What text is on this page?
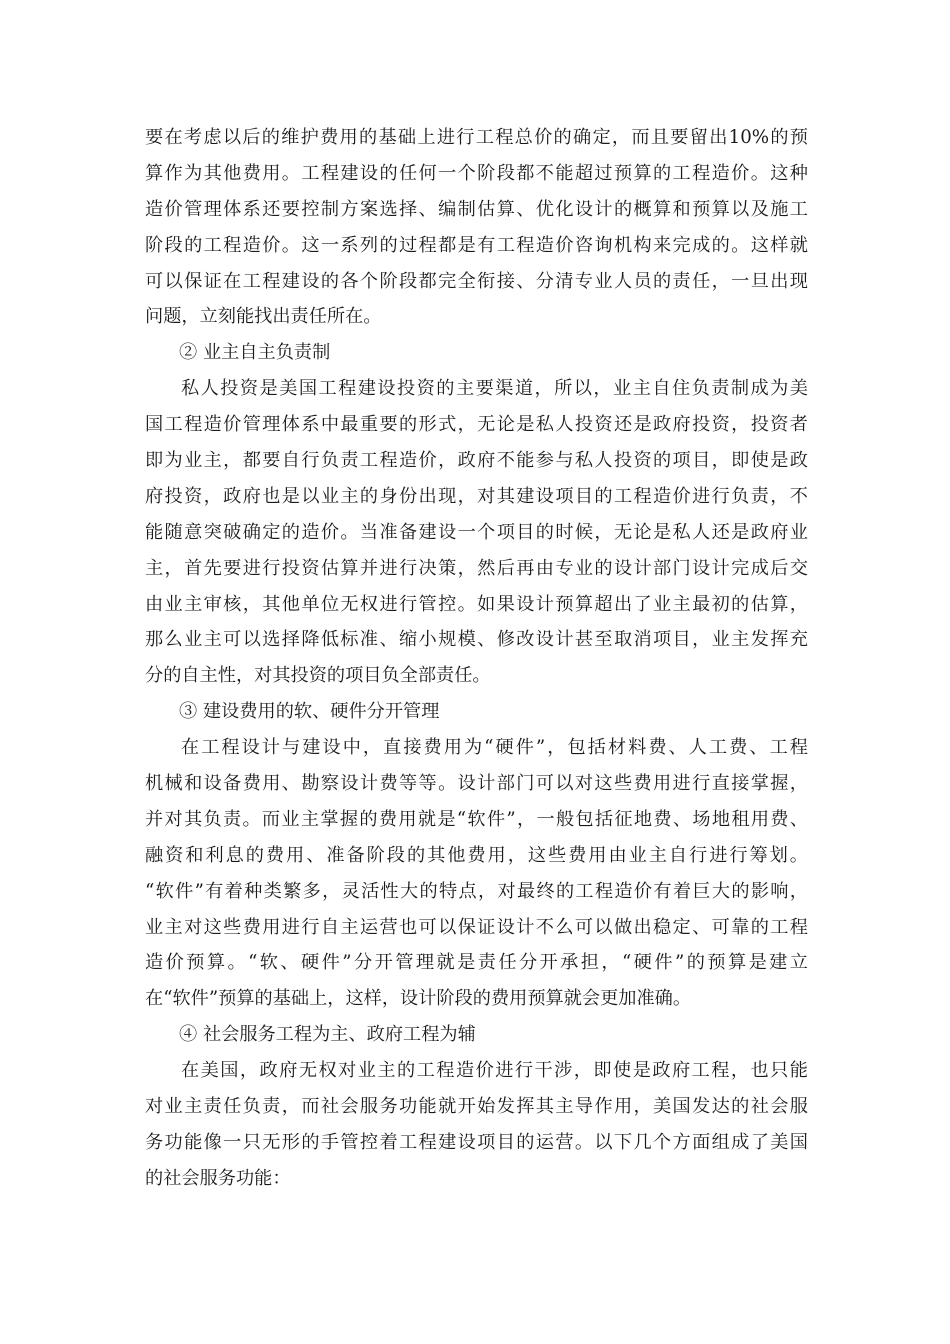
要在考虑以后的维护费用的基础上进行工程总价的确定，而且要留出10%的预
算作为其他费用。工程建设的任何一个阶段都不能超过预算的工程造价。这种
造价管理体系还要控制方案选择、编制估算、优化设计的概算和预算以及施工
阶段的工程造价。这一系列的过程都是有工程造价咨询机构来完成的。这样就
可以保证在工程建设的各个阶段都完全衔接、分清专业人员的责任，一旦出现
问题，立刻能找出责任所在。
② 业主自主负责制
私人投资是美国工程建设投资的主要渠道，所以，业主自住负责制成为美
国工程造价管理体系中最重要的形式，无论是私人投资还是政府投资，投资者
即为业主，都要自行负责工程造价，政府不能参与私人投资的项目，即使是政
府投资，政府也是以业主的身份出现，对其建设项目的工程造价进行负责，不
能随意突破确定的造价。当准备建设一个项目的时候，无论是私人还是政府业
主，首先要进行投资估算并进行决策，然后再由专业的设计部门设计完成后交
由业主审核，其他单位无权进行管控。如果设计预算超出了业主最初的估算，
那么业主可以选择降低标准、缩小规模、修改设计甚至取消项目，业主发挥充
分的自主性，对其投资的项目负全部责任。
③ 建设费用的软、硬件分开管理
在工程设计与建设中，直接费用为“硬件”，包括材料费、人工费、工程
机械和设备费用、勘察设计费等等。设计部门可以对这些费用进行直接掌握，
并对其负责。而业主掌握的费用就是“软件”，一般包括征地费、场地租用费、
融资和利息的费用、准备阶段的其他费用，这些费用由业主自行进行筹划。
“软件”有着种类繁多，灵活性大的特点，对最终的工程造价有着巨大的影响，
业主对这些费用进行自主运营也可以保证设计不么可以做出稳定、可靠的工程
造价预算。“软、硬件”分开管理就是责任分开承担，“硬件”的预算是建立
在“软件”预算的基础上，这样，设计阶段的费用预算就会更加准确。
④ 社会服务工程为主、政府工程为辅
在美国，政府无权对业主的工程造价进行干涉，即使是政府工程，也只能
对业主责任负责，而社会服务功能就开始发挥其主导作用，美国发达的社会服
务功能像一只无形的手管控着工程建设项目的运营。以下几个方面组成了美国
的社会服务功能：
